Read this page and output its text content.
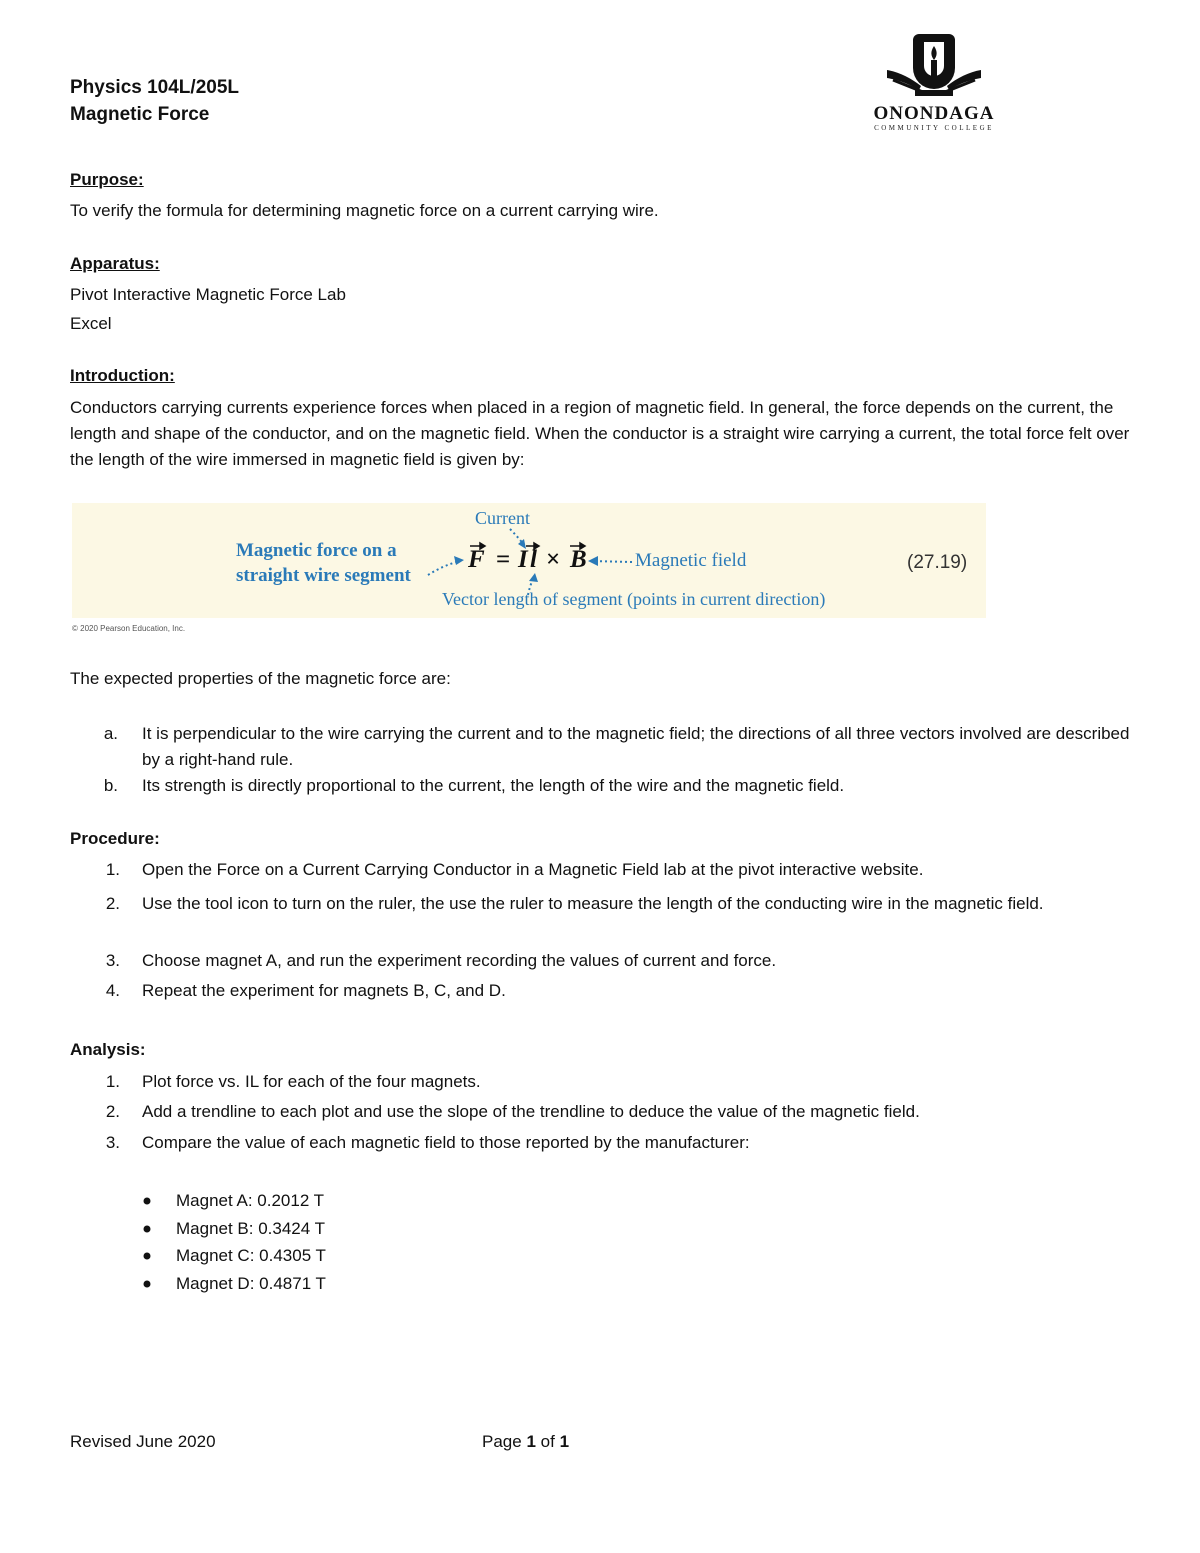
Physics 104L/205L
Magnetic Force	ONONDAGA
COMMUNITY COLLEGE
Purpose:
To verify the formula for determining magnetic force on a current carrying wire.
Apparatus:
Pivot Interactive Magnetic Force Lab
Excel
Introduction:
Conductors carrying currents experience forces when placed in a region of magnetic field. In general, the force depends on the current, the length and shape of the conductor, and on the magnetic field. When the conductor is a straight wire carrying a current, the total force felt over the length of the wire immersed in magnetic field is given by:
Magnetic force on a
straight wire segment
Current
F = I l × B	Magnetic field
Vector length of segment (points in current direction)
(27.19)
© 2020 Pearson Education, Inc.
The expected properties of the magnetic force are:
a. It is perpendicular to the wire carrying the current and to the magnetic field; the directions of all three vectors involved are described by a right-hand rule.
b. Its strength is directly proportional to the current, the length of the wire and the magnetic field.
Procedure:
1. Open the Force on a Current Carrying Conductor in a Magnetic Field lab at the pivot interactive website.
2. Use the tool icon to turn on the ruler, the use the ruler to measure the length of the conducting wire in the magnetic field.
3. Choose magnet A, and run the experiment recording the values of current and force.
4. Repeat the experiment for magnets B, C, and D.
Analysis:
1. Plot force vs. IL for each of the four magnets.
2. Add a trendline to each plot and use the slope of the trendline to deduce the value of the magnetic field.
3. Compare the value of each magnetic field to those reported by the manufacturer:
Magnet A: 0.2012 T
Magnet B: 0.3424 T
Magnet C: 0.4305 T
Magnet D: 0.4871 T
Revised June 2020	Page 1 of 1
